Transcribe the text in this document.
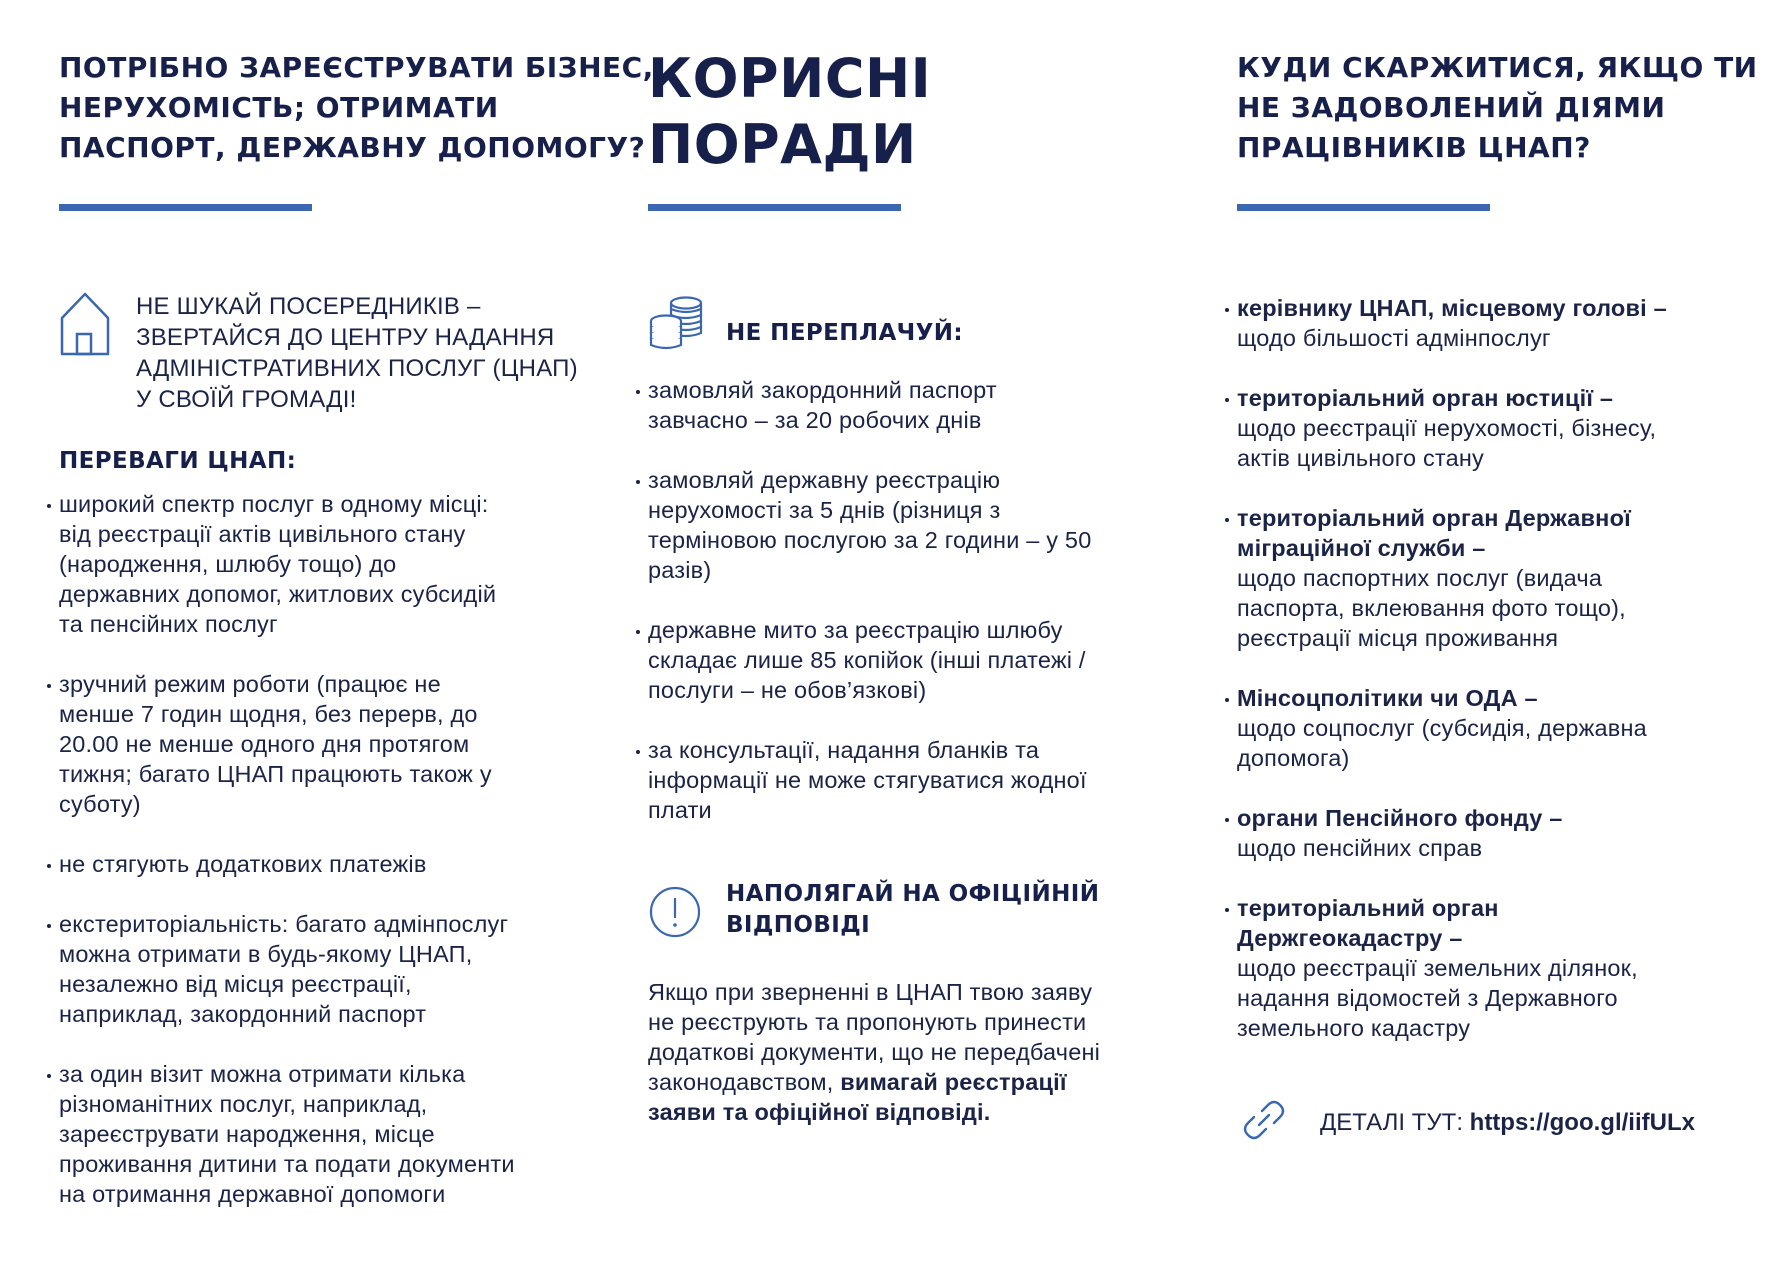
ПОТРІБНО ЗАРЕЄСТРУВАТИ БІЗНЕС,
НЕРУХОМІСТЬ; ОТРИМАТИ
ПАСПОРТ, ДЕРЖАВНУ ДОПОМОГУ?
НЕ ШУКАЙ ПОСЕРЕДНИКІВ –
ЗВЕРТАЙСЯ ДО ЦЕНТРУ НАДАННЯ
АДМІНІСТРАТИВНИХ ПОСЛУГ (ЦНАП)
У СВОЇЙ ГРОМАДІ!
ПЕРЕВАГИ ЦНАП:
широкий спектр послуг в одному місці:
від реєстрації актів цивільного стану
(народження, шлюбу тощо) до
державних допомог, житлових субсидій
та пенсійних послуг
зручний режим роботи (працює не
менше 7 годин щодня, без перерв, до
20.00 не менше одного дня протягом
тижня; багато ЦНАП працюють також у
суботу)
не стягують додаткових платежів
екстериторіальність: багато адмінпослуг
можна отримати в будь-якому ЦНАП,
незалежно від місця реєстрації,
наприклад, закордонний паспорт
за один візит можна отримати кілька
різноманітних послуг, наприклад,
зареєструвати народження, місце
проживання дитини та подати документи
на отримання державної допомоги
КОРИСНІ
ПОРАДИ
НЕ ПЕРЕПЛАЧУЙ:
замовляй закордонний паспорт
завчасно – за 20 робочих днів
замовляй державну реєстрацію
нерухомості за 5 днів (різниця з
терміновою послугою за 2 години – у 50
разів)
державне мито за реєстрацію шлюбу
складає лише 85 копійок (інші платежі /
послуги – не обов’язкові)
за консультації, надання бланків та
інформації не може стягуватися жодної
плати
НАПОЛЯГАЙ НА ОФІЦІЙНІЙ
ВІДПОВІДІ
Якщо при зверненні в ЦНАП твою заяву
не реєструють та пропонують принести
додаткові документи, що не передбачені
законодавством, вимагай реєстрації
заяви та офіційної відповіді.
КУДИ СКАРЖИТИСЯ, ЯКЩО ТИ
НЕ ЗАДОВОЛЕНИЙ ДІЯМИ
ПРАЦІВНИКІВ ЦНАП?
керівнику ЦНАП, місцевому голові –
щодо більшості адмінпослуг
територіальний орган юстиції –
щодо реєстрації нерухомості, бізнесу,
актів цивільного стану
територіальний орган Державної
міграційної служби –
щодо паспортних послуг (видача
паспорта, вклеювання фото тощо),
реєстрації місця проживання
Мінсоцполітики чи ОДА –
щодо соцпослуг (субсидія, державна
допомога)
органи Пенсійного фонду –
щодо пенсійних справ
територіальний орган
Держгеокадастру –
щодо реєстрації земельних ділянок,
надання відомостей з Державного
земельного кадастру
ДЕТАЛІ ТУТ: https://goo.gl/iifULx
